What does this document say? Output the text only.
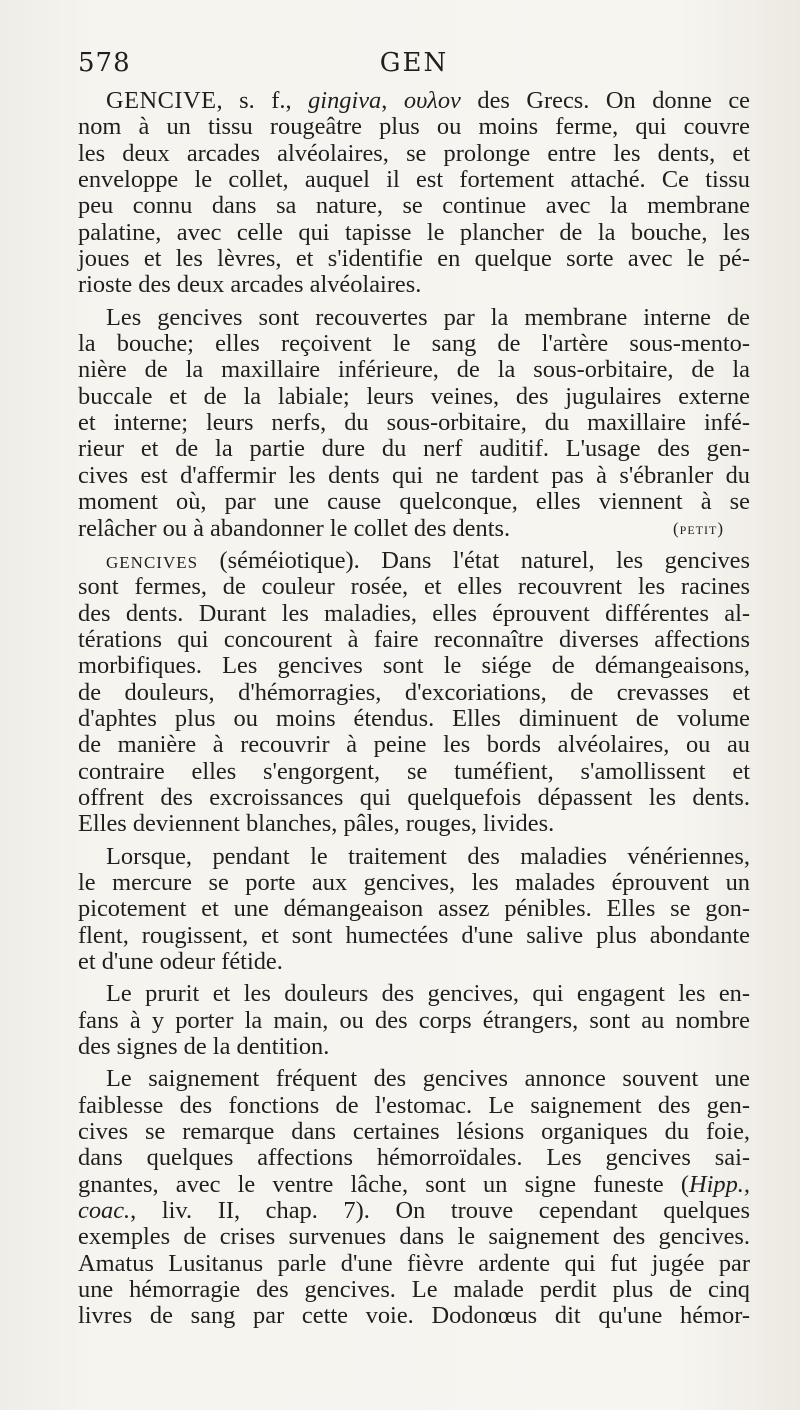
578	GEN

GENCIVE, s. f., gingiva, ουλον des Grecs. On donne ce
nom à un tissu rougeâtre plus ou moins ferme, qui couvre
les deux arcades alvéolaires, se prolonge entre les dents, et
enveloppe le collet, auquel il est fortement attaché. Ce tissu
peu connu dans sa nature, se continue avec la membrane
palatine, avec celle qui tapisse le plancher de la bouche, les
joues et les lèvres, et s'identifie en quelque sorte avec le pé-
rioste des deux arcades alvéolaires.

Les gencives sont recouvertes par la membrane interne de
la bouche; elles reçoivent le sang de l'artère sous-mento-
nière de la maxillaire inférieure, de la sous-orbitaire, de la
buccale et de la labiale; leurs veines, des jugulaires externe
et interne; leurs nerfs, du sous-orbitaire, du maxillaire infé-
rieur et de la partie dure du nerf auditif. L'usage des gen-
cives est d'affermir les dents qui ne tardent pas à s'ébranler du
moment où, par une cause quelconque, elles viennent à se
relâcher ou à abandonner le collet des dents.	(petit)

gencives (séméiotique). Dans l'état naturel, les gencives
sont fermes, de couleur rosée, et elles recouvrent les racines
des dents. Durant les maladies, elles éprouvent différentes al-
térations qui concourent à faire reconnaître diverses affections
morbifiques. Les gencives sont le siége de démangeaisons,
de douleurs, d'hémorragies, d'excoriations, de crevasses et
d'aphtes plus ou moins étendus. Elles diminuent de volume
de manière à recouvrir à peine les bords alvéolaires, ou au
contraire elles s'engorgent, se tuméfient, s'amollissent et
offrent des excroissances qui quelquefois dépassent les dents.
Elles deviennent blanches, pâles, rouges, livides.

Lorsque, pendant le traitement des maladies vénériennes,
le mercure se porte aux gencives, les malades éprouvent un
picotement et une démangeaison assez pénibles. Elles se gon-
flent, rougissent, et sont humectées d'une salive plus abondante
et d'une odeur fétide.

Le prurit et les douleurs des gencives, qui engagent les en-
fans à y porter la main, ou des corps étrangers, sont au nombre
des signes de la dentition.

Le saignement fréquent des gencives annonce souvent une
faiblesse des fonctions de l'estomac. Le saignement des gen-
cives se remarque dans certaines lésions organiques du foie,
dans quelques affections hémorroïdales. Les gencives sai-
gnantes, avec le ventre lâche, sont un signe funeste (Hipp.,
coac., liv. II, chap. 7). On trouve cependant quelques
exemples de crises survenues dans le saignement des gencives.
Amatus Lusitanus parle d'une fièvre ardente qui fut jugée par
une hémorragie des gencives. Le malade perdit plus de cinq
livres de sang par cette voie. Dodonœus dit qu'une hémor-
